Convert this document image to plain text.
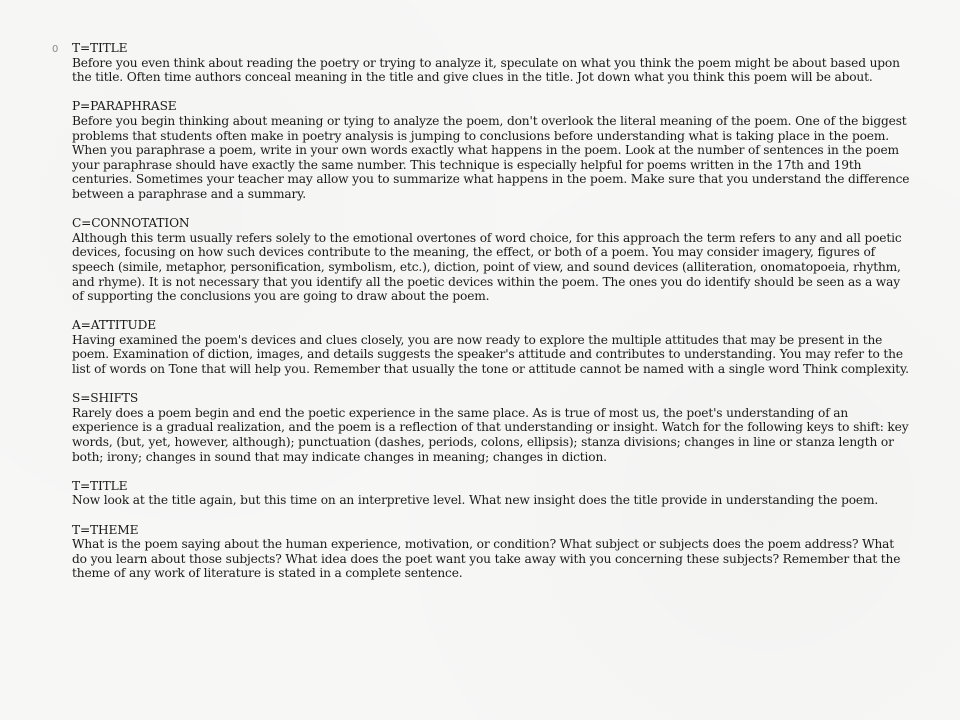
0	T=TITLE
Before you even think about reading the poetry or trying to analyze it, speculate on what you think the poem might be about based upon the title. Often time authors conceal meaning in the title and give clues in the title. Jot down what you think this poem will be about.
P=PARAPHRASE
Before you begin thinking about meaning or tying to analyze the poem, don't overlook the literal meaning of the poem. One of the biggest problems that students often make in poetry analysis is jumping to conclusions before understanding what is taking place in the poem. When you paraphrase a poem, write in your own words exactly what happens in the poem. Look at the number of sentences in the poem your paraphrase should have exactly the same number. This technique is especially helpful for poems written in the 17th and 19th centuries. Sometimes your teacher may allow you to summarize what happens in the poem. Make sure that you understand the difference between a paraphrase and a summary.
C=CONNOTATION
Although this term usually refers solely to the emotional overtones of word choice, for this approach the term refers to any and all poetic devices, focusing on how such devices contribute to the meaning, the effect, or both of a poem. You may consider imagery, figures of speech (simile, metaphor, personification, symbolism, etc.), diction, point of view, and sound devices (alliteration, onomatopoeia, rhythm, and rhyme). It is not necessary that you identify all the poetic devices within the poem. The ones you do identify should be seen as a way of supporting the conclusions you are going to draw about the poem.
A=ATTITUDE
Having examined the poem's devices and clues closely, you are now ready to explore the multiple attitudes that may be present in the poem. Examination of diction, images, and details suggests the speaker's attitude and contributes to understanding. You may refer to the list of words on Tone that will help you. Remember that usually the tone or attitude cannot be named with a single word Think complexity.
S=SHIFTS
Rarely does a poem begin and end the poetic experience in the same place. As is true of most us, the poet's understanding of an experience is a gradual realization, and the poem is a reflection of that understanding or insight. Watch for the following keys to shift: key words, (but, yet, however, although); punctuation (dashes, periods, colons, ellipsis); stanza divisions; changes in line or stanza length or both; irony; changes in sound that may indicate changes in meaning; changes in diction.
T=TITLE
Now look at the title again, but this time on an interpretive level. What new insight does the title provide in understanding the poem.
T=THEME
What is the poem saying about the human experience, motivation, or condition? What subject or subjects does the poem address? What do you learn about those subjects? What idea does the poet want you take away with you concerning these subjects? Remember that the theme of any work of literature is stated in a complete sentence.
